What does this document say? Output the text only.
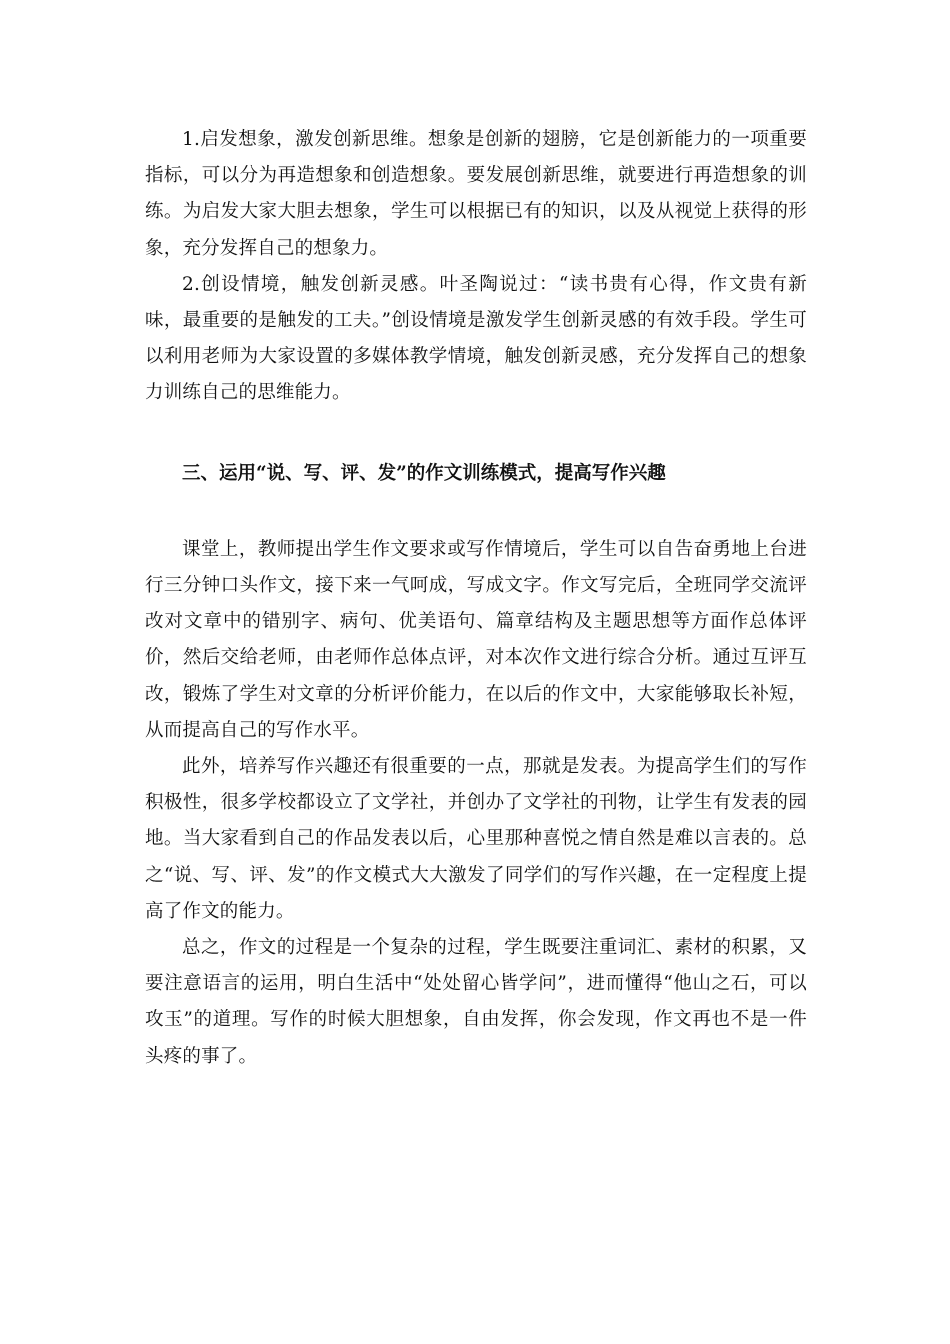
1.启发想象，激发创新思维。想象是创新的翅膀，它是创新能力的一项重要指标，可以分为再造想象和创造想象。要发展创新思维，就要进行再造想象的训练。为启发大家大胆去想象，学生可以根据已有的知识，以及从视觉上获得的形象，充分发挥自己的想象力。

2.创设情境，触发创新灵感。叶圣陶说过：“读书贵有心得，作文贵有新味，最重要的是触发的工夫。”创设情境是激发学生创新灵感的有效手段。学生可以利用老师为大家设置的多媒体教学情境，触发创新灵感，充分发挥自己的想象力训练自己的思维能力。

三、运用“说、写、评、发”的作文训练模式，提高写作兴趣

课堂上，教师提出学生作文要求或写作情境后，学生可以自告奋勇地上台进行三分钟口头作文，接下来一气呵成，写成文字。作文写完后，全班同学交流评改对文章中的错别字、病句、优美语句、篇章结构及主题思想等方面作总体评价，然后交给老师，由老师作总体点评，对本次作文进行综合分析。通过互评互改，锻炼了学生对文章的分析评价能力，在以后的作文中，大家能够取长补短，从而提高自己的写作水平。

此外，培养写作兴趣还有很重要的一点，那就是发表。为提高学生们的写作积极性，很多学校都设立了文学社，并创办了文学社的刊物，让学生有发表的园地。当大家看到自己的作品发表以后，心里那种喜悦之情自然是难以言表的。总之“说、写、评、发”的作文模式大大激发了同学们的写作兴趣，在一定程度上提高了作文的能力。

总之，作文的过程是一个复杂的过程，学生既要注重词汇、素材的积累，又要注意语言的运用，明白生活中“处处留心皆学问”，进而懂得“他山之石，可以攻玉”的道理。写作的时候大胆想象，自由发挥，你会发现，作文再也不是一件头疼的事了。
